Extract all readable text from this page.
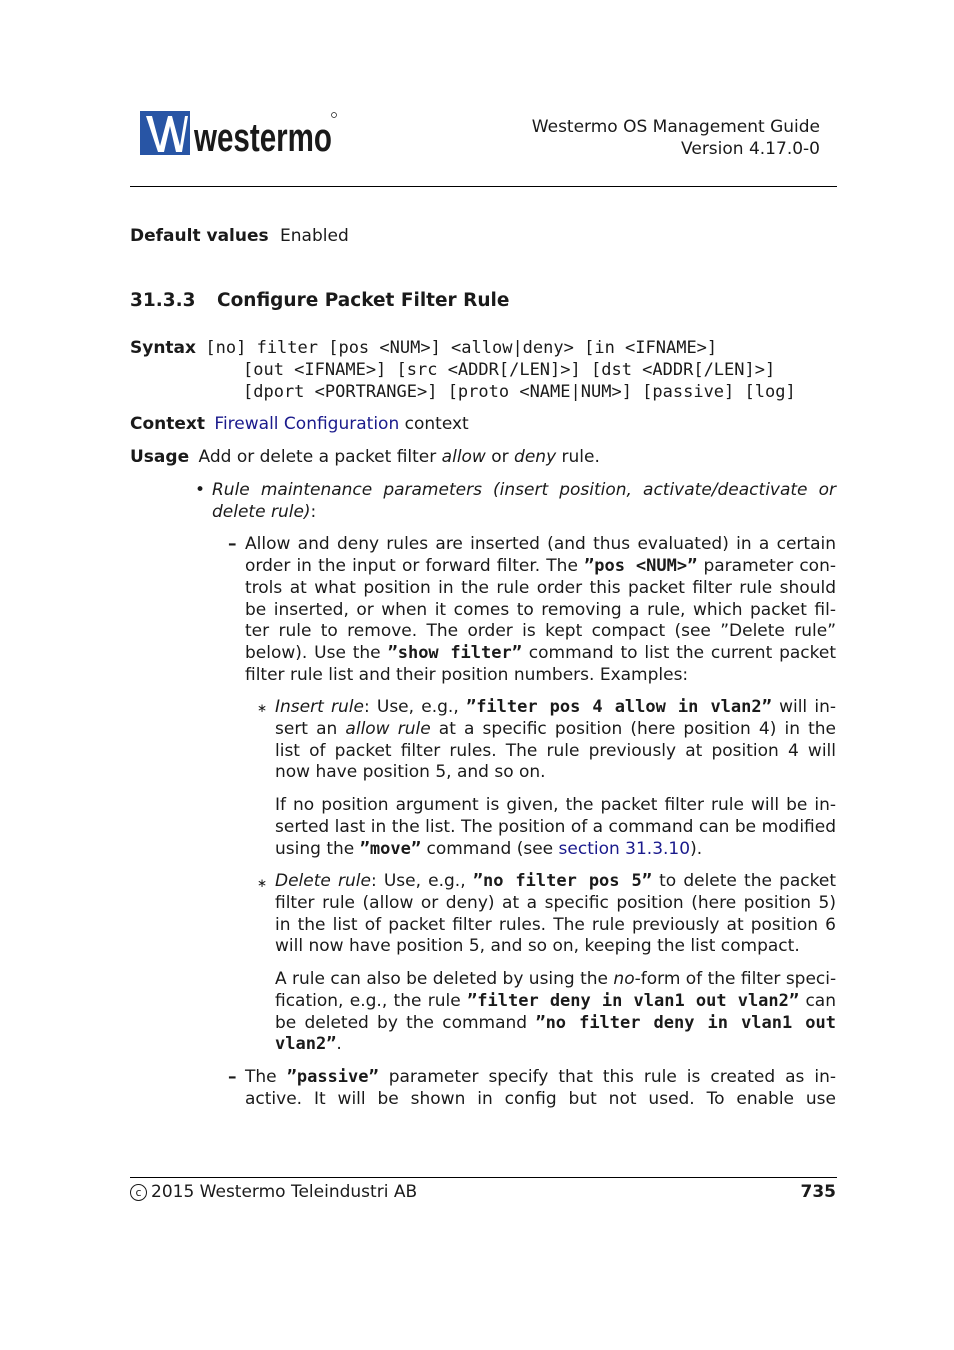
westermo	Westermo OS Management Guide
Version 4.17.0-0
Default values Enabled
31.3.3 Configure Packet Filter Rule
Syntax [no] filter [pos <NUM>] <allow|deny> [in <IFNAME>]
[out <IFNAME>] [src <ADDR[/LEN]>] [dst <ADDR[/LEN]>]
[dport <PORTRANGE>] [proto <NAME|NUM>] [passive] [log]
Context Firewall Configuration context
Usage Add or delete a packet filter allow or deny rule.
• Rule maintenance parameters (insert position, activate/deactivate or
delete rule):
– Allow and deny rules are inserted (and thus evaluated) in a certain
order in the input or forward filter. The ”pos <NUM>” parameter con-
trols at what position in the rule order this packet filter rule should
be inserted, or when it comes to removing a rule, which packet fil-
ter rule to remove. The order is kept compact (see ”Delete rule”
below). Use the ”show filter” command to list the current packet
filter rule list and their position numbers. Examples:
∗ Insert rule: Use, e.g., ”filter pos 4 allow in vlan2” will in-
sert an allow rule at a specific position (here position 4) in the
list of packet filter rules. The rule previously at position 4 will
now have position 5, and so on.
If no position argument is given, the packet filter rule will be in-
serted last in the list. The position of a command can be modified
using the ”move” command (see section 31.3.10).
∗ Delete rule: Use, e.g., ”no filter pos 5” to delete the packet
filter rule (allow or deny) at a specific position (here position 5)
in the list of packet filter rules. The rule previously at position 6
will now have position 5, and so on, keeping the list compact.
A rule can also be deleted by using the no-form of the filter speci-
fication, e.g., the rule ”filter deny in vlan1 out vlan2” can
be deleted by the command ”no filter deny in vlan1 out
vlan2”.
– The ”passive” parameter specify that this rule is created as in-
active. It will be shown in config but not used. To enable use
c 2015 Westermo Teleindustri AB	735
